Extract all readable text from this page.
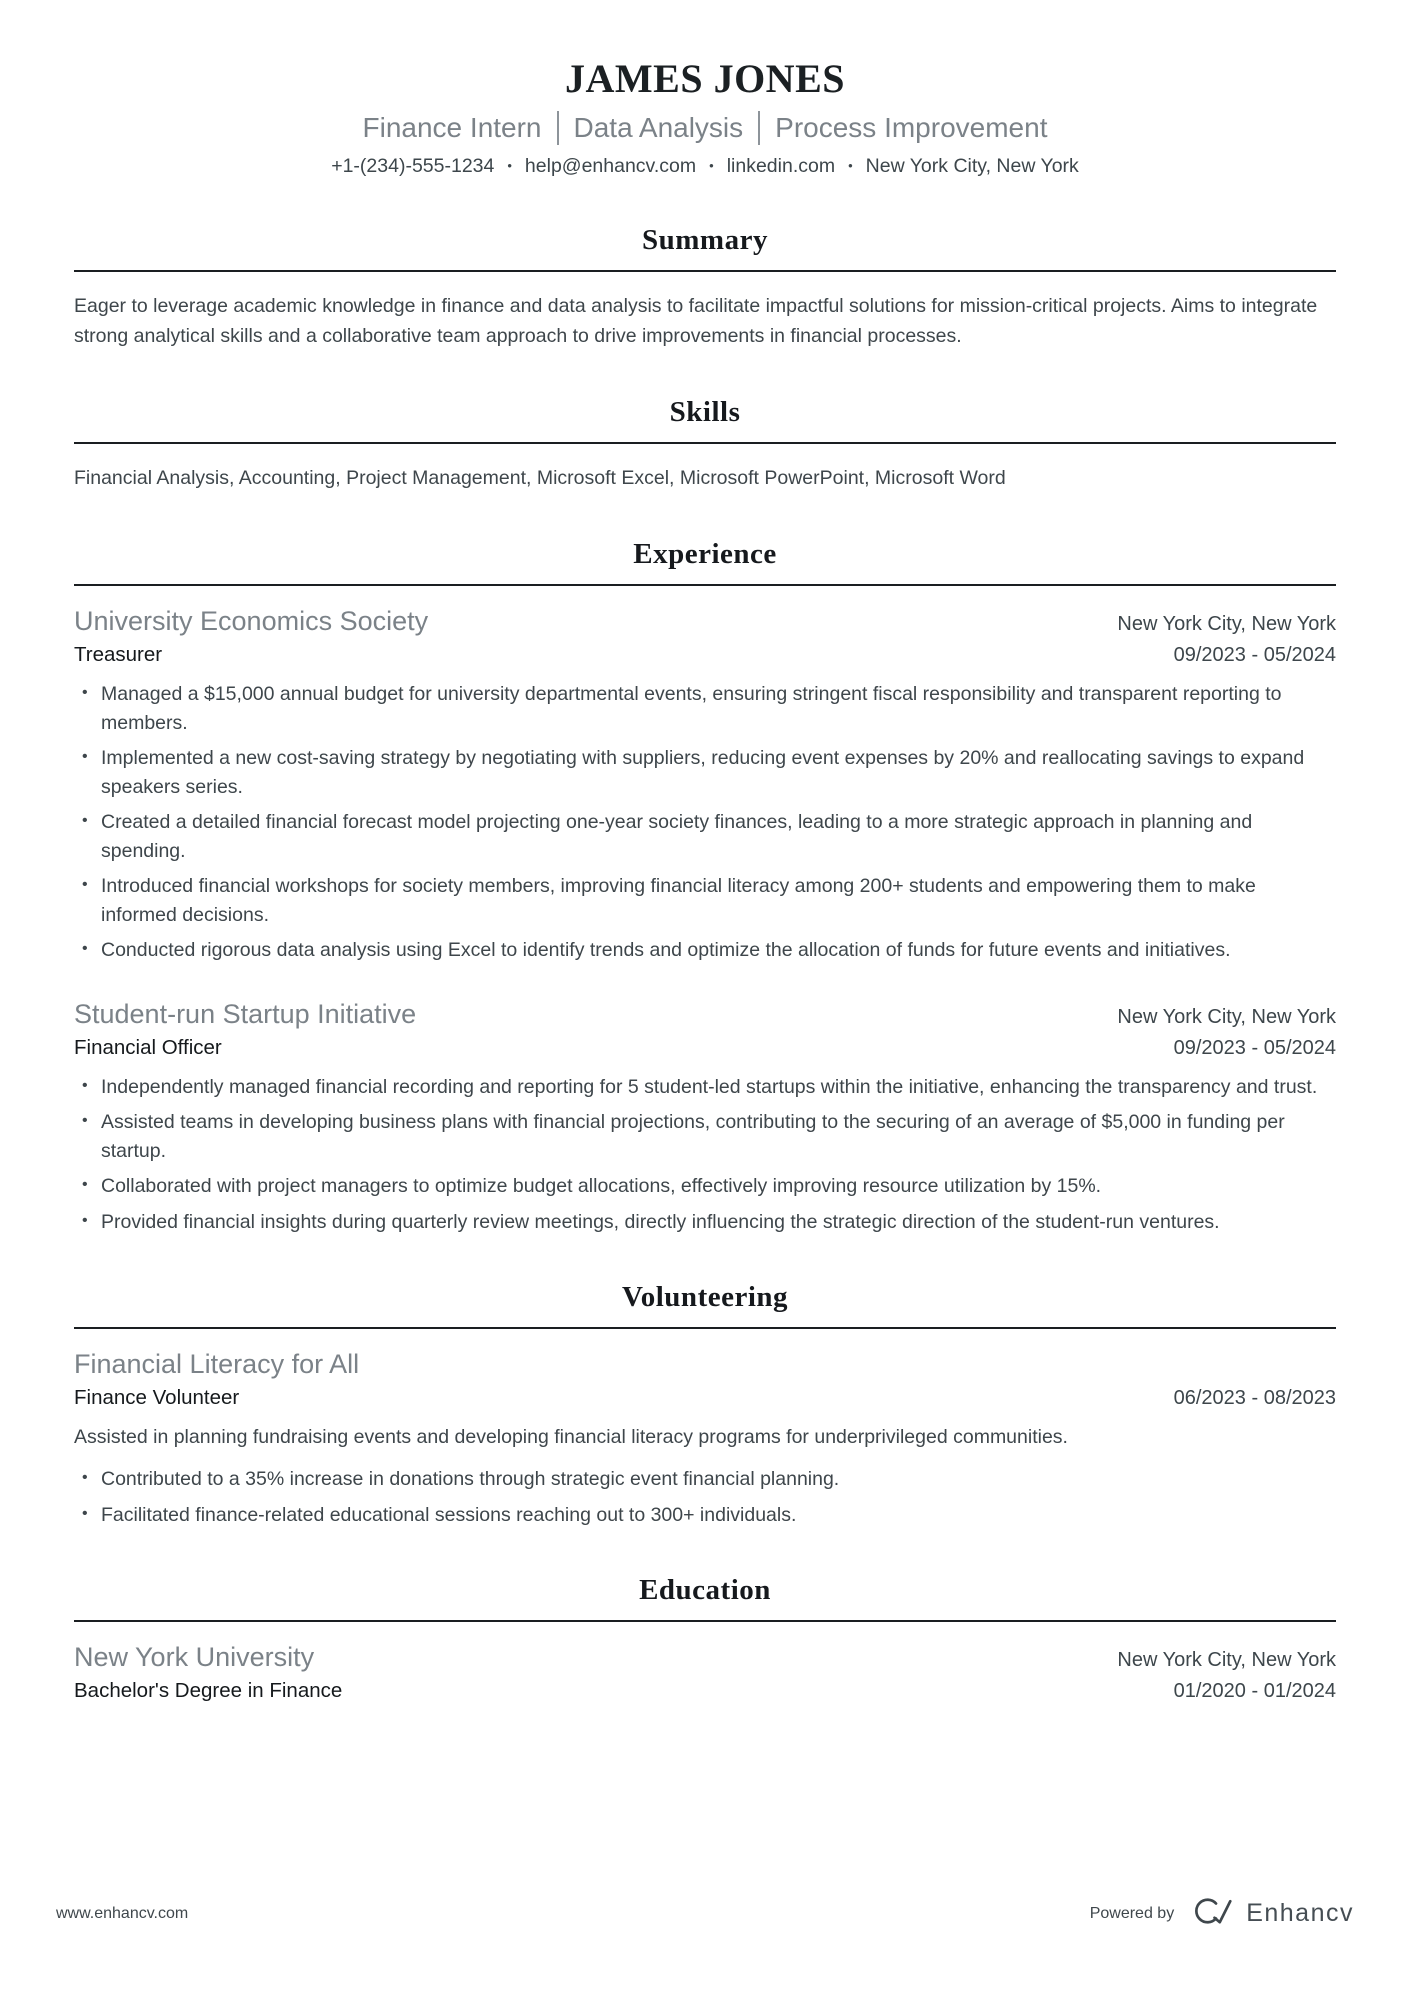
JAMES JONES
Finance Intern Data Analysis Process Improvement
+1-(234)-555-1234 • help@enhancv.com • linkedin.com • New York City, New York
Summary
Eager to leverage academic knowledge in finance and data analysis to facilitate impactful solutions for mission-critical projects. Aims to integrate strong analytical skills and a collaborative team approach to drive improvements in financial processes.
Skills
Financial Analysis, Accounting, Project Management, Microsoft Excel, Microsoft PowerPoint, Microsoft Word
Experience
University Economics Society	New York City, New York
Treasurer	09/2023 - 05/2024
• Managed a $15,000 annual budget for university departmental events, ensuring stringent fiscal responsibility and transparent reporting to members.
• Implemented a new cost-saving strategy by negotiating with suppliers, reducing event expenses by 20% and reallocating savings to expand speakers series.
• Created a detailed financial forecast model projecting one-year society finances, leading to a more strategic approach in planning and spending.
• Introduced financial workshops for society members, improving financial literacy among 200+ students and empowering them to make informed decisions.
• Conducted rigorous data analysis using Excel to identify trends and optimize the allocation of funds for future events and initiatives.
Student-run Startup Initiative	New York City, New York
Financial Officer	09/2023 - 05/2024
• Independently managed financial recording and reporting for 5 student-led startups within the initiative, enhancing the transparency and trust.
• Assisted teams in developing business plans with financial projections, contributing to the securing of an average of $5,000 in funding per startup.
• Collaborated with project managers to optimize budget allocations, effectively improving resource utilization by 15%.
• Provided financial insights during quarterly review meetings, directly influencing the strategic direction of the student-run ventures.
Volunteering
Financial Literacy for All
Finance Volunteer	06/2023 - 08/2023
Assisted in planning fundraising events and developing financial literacy programs for underprivileged communities.
• Contributed to a 35% increase in donations through strategic event financial planning.
• Facilitated finance-related educational sessions reaching out to 300+ individuals.
Education
New York University	New York City, New York
Bachelor's Degree in Finance	01/2020 - 01/2024
www.enhancv.com	Powered by	Enhancv
